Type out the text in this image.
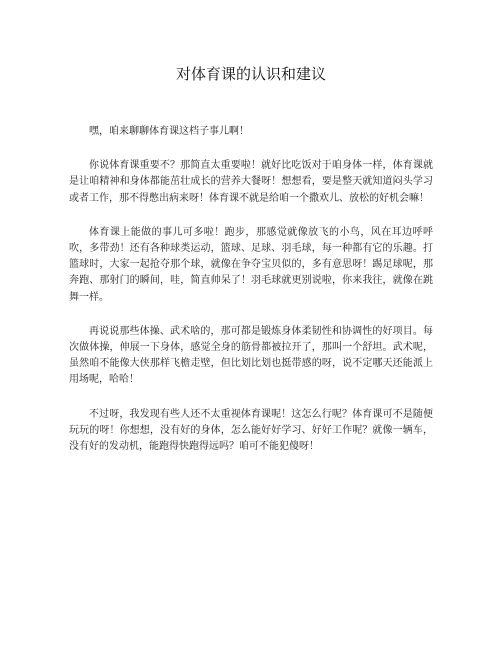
对体育课的认识和建议

嘿，咱来聊聊体育课这档子事儿啊！

你说体育课重要不？那简直太重要啦！就好比吃饭对于咱身体一样，体育课就是让咱精神和身体都能茁壮成长的营养大餐呀！想想看，要是整天就知道闷头学习或者工作，那不得憋出病来呀！体育课不就是给咱一个撒欢儿、放松的好机会嘛！

体育课上能做的事儿可多啦！跑步，那感觉就像放飞的小鸟，风在耳边呼呼吹，多带劲！还有各种球类运动，篮球、足球、羽毛球，每一种都有它的乐趣。打篮球时，大家一起抢夺那个球，就像在争夺宝贝似的，多有意思呀！踢足球呢，那奔跑、那射门的瞬间，哇，简直帅呆了！羽毛球就更别说啦，你来我往，就像在跳舞一样。

再说说那些体操、武术啥的，那可都是锻炼身体柔韧性和协调性的好项目。每次做体操，伸展一下身体，感觉全身的筋骨都被拉开了，那叫一个舒坦。武术呢，虽然咱不能像大侠那样飞檐走壁，但比划比划也挺带感的呀，说不定哪天还能派上用场呢，哈哈！

不过呀，我发现有些人还不太重视体育课呢！这怎么行呢？体育课可不是随便玩玩的呀！你想想，没有好的身体，怎么能好好学习、好好工作呢？就像一辆车，没有好的发动机，能跑得快跑得远吗？咱可不能犯傻呀！
